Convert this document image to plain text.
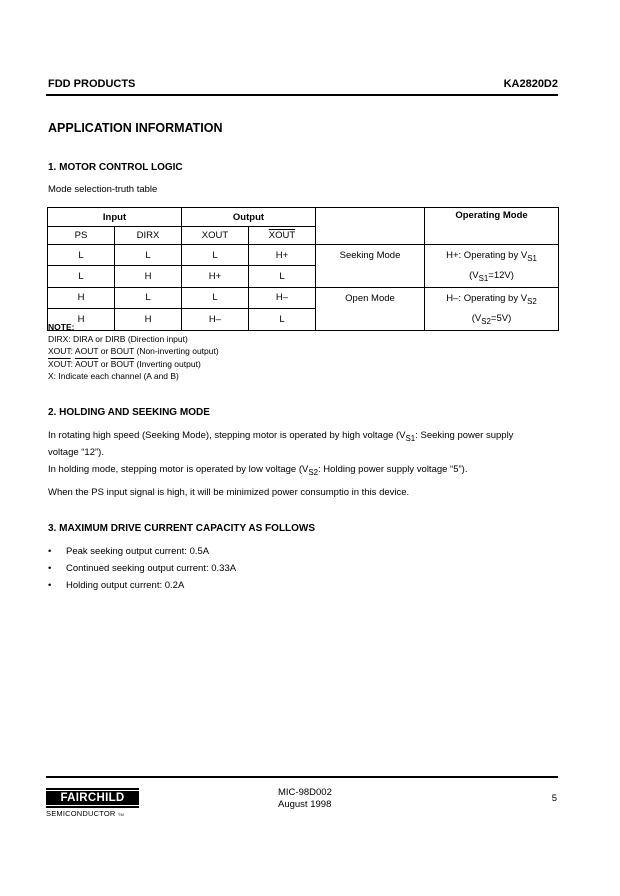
FDD PRODUCTS	KA2820D2
APPLICATION INFORMATION
1. MOTOR CONTROL LOGIC
Mode selection-truth table
Input		Output			Operating Mode
PS	DIRX	XOUT	XOUT		
L	L	L	H+	Seeking Mode	H+: Operating by $V_{S1}$
$(V_{S1}=12V)$

L	H	H+	L		
H	L	L	H–	Open Mode	H–: Operating by $V_{S2}$
$(V_{S2}=5V)$

H	H	H–	L		
NOTE:
DIRX: DIRA or DIRB (Direction input)
XOUT: AOUT or BOUT (Non-inverting output)
XOUT: AOUT or BOUT (Inverting output)
X: Indicate each channel (A and B)
2. HOLDING AND SEEKING MODE
In rotating high speed (Seeking Mode), stepping motor is operated by high voltage ($V_{S1}$: Seeking power supply
voltage “12”).
In holding mode, stepping motor is operated by low voltage ($V_{S2}$: Holding power supply voltage “5”).
When the PS input signal is high, it will be minimized power consumptio in this device.
3. MAXIMUM DRIVE CURRENT CAPACITY AS FOLLOWS
• Peak seeking output current: 0.5A
• Continued seeking output current: 0.33A
• Holding output current: 0.2A
FAIRCHILD
SEMICONDUCTOR TM
MIC-98D002
August 1998
5
